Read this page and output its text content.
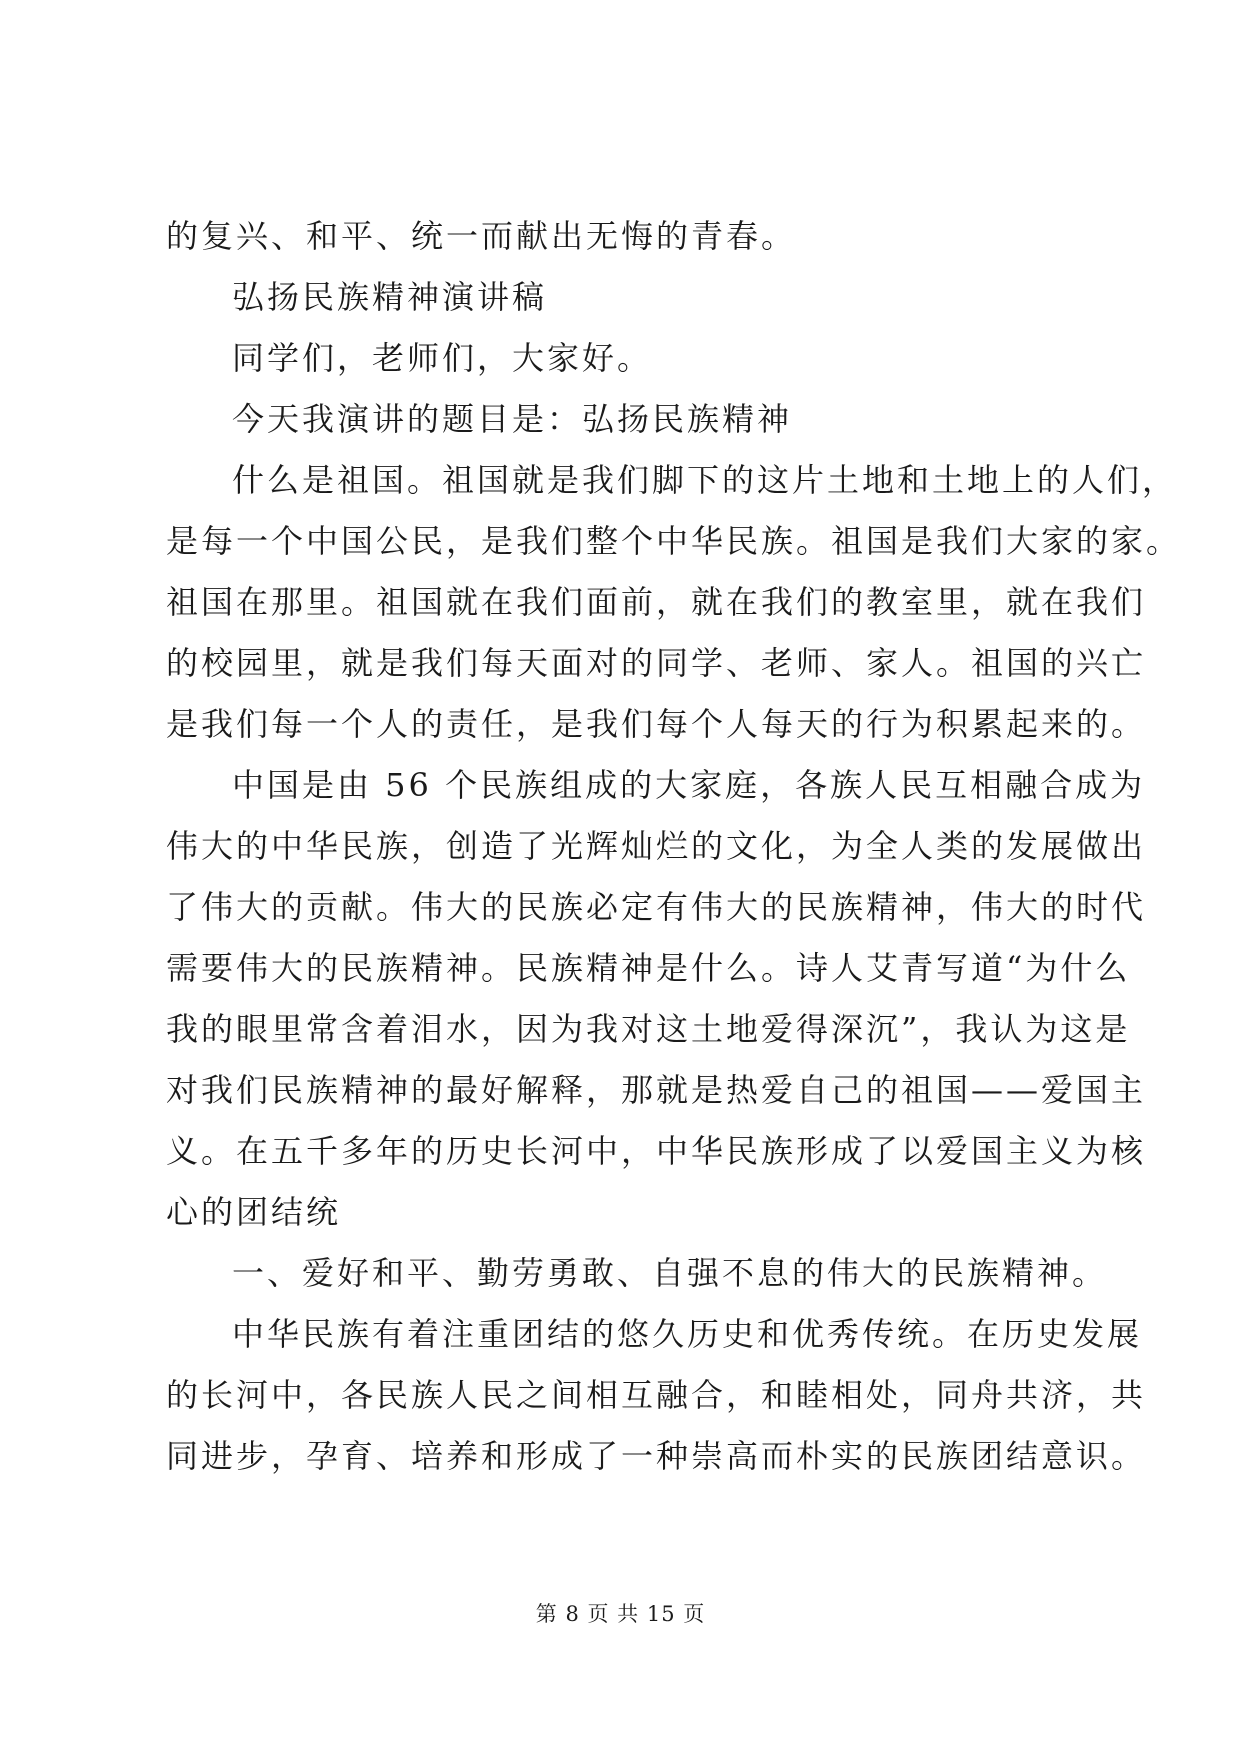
的复兴、和平、统一而献出无悔的青春。
弘扬民族精神演讲稿
同学们，老师们，大家好。
今天我演讲的题目是：弘扬民族精神
什么是祖国。祖国就是我们脚下的这片土地和土地上的人们，
是每一个中国公民，是我们整个中华民族。祖国是我们大家的家。
祖国在那里。祖国就在我们面前，就在我们的教室里，就在我们
的校园里，就是我们每天面对的同学、老师、家人。祖国的兴亡
是我们每一个人的责任，是我们每个人每天的行为积累起来的。
中国是由 56 个民族组成的大家庭，各族人民互相融合成为
伟大的中华民族，创造了光辉灿烂的文化，为全人类的发展做出
了伟大的贡献。伟大的民族必定有伟大的民族精神，伟大的时代
需要伟大的民族精神。民族精神是什么。诗人艾青写道“为什么
我的眼里常含着泪水，因为我对这土地爱得深沉”，我认为这是
对我们民族精神的最好解释，那就是热爱自己的祖国——爱国主
义。在五千多年的历史长河中，中华民族形成了以爱国主义为核
心的团结统
一、爱好和平、勤劳勇敢、自强不息的伟大的民族精神。
中华民族有着注重团结的悠久历史和优秀传统。在历史发展
的长河中，各民族人民之间相互融合，和睦相处，同舟共济，共
同进步，孕育、培养和形成了一种崇高而朴实的民族团结意识。
第 8 页 共 15 页
